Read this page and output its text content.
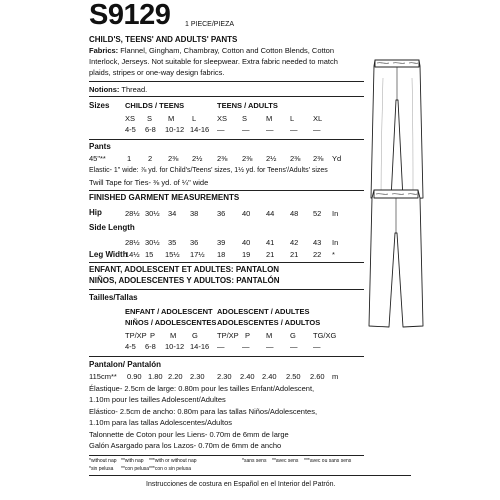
S9129 1 PIECE/PIEZA
CHILD'S, TEENS' AND ADULTS' PANTS
Fabrics: Flannel, Gingham, Chambray, Cotton and Cotton Blends, Cotton
Interlock, Jerseys. Not suitable for sleepwear. Extra fabric needed to match
plaids, stripes or one-way design fabrics.
Notions: Thread.
Sizes CHILDS / TEENS	TEENS / ADULTS
XS S M L	XS S	M L	XL
4-5 6-8 10-12 14-16 — — — — —
Pants
45"**	1 2 2⅜ 2½ 2⅜ 2⅜ 2½ 2⅜ 2⅜ Yd
Elastic- 1" wide: ⅞ yd. for Child's/Teens' sizes, 1½ yd. for Teens'/Adults' sizes
Twill Tape for Ties- ⅜ yd. of ¼" wide
FINISHED GARMENT MEASUREMENTS
Hip	28½ 30½ 34 38 36 40 44 48 52 In
Side Length
28½ 30½ 35 36 39 40 41 42 43 In
Leg Width
14½ 15 15½ 17½ 18 19 21 21 22 *
ENFANT, ADOLESCENT ET ADULTES: PANTALON
NIÑOS, ADOLESCENTES Y ADULTOS: PANTALÓN
Tailles/Tallas
ENFANT / ADOLESCENT
NIÑOS / ADOLESCENTES
ADOLESCENT / ADULTES
ADOLESCENTES / ADULTOS
TP/XP P M G	TP/XP P M G TG/XG
4-5 6-8 10-12 14-16 — — — — —
Pantalon/ Pantalón
115cm** 0.90 1.80 2.20 2.30 2.30 2.40 2.40 2.50 2.60 m
Élastique- 2.5cm de large: 0.80m pour les tailles Enfant/Adolescent,
1.10m pour les tailles Adolescent/Adultes
Elástico- 2.5cm de ancho: 0.80m para las tallas Niños/Adolescentes,
1.10m para las tallas Adolescentes/Adultos
Talonnette de Coton pour les Liens- 0.70m de 6mm de large
Galón Asargado para los Lazos- 0.70m de 6mm de ancho
*without nap **with nap ***with or without nap	*sans sens **avec sens ***avec ou sans sens
*sin pelusa **con pelusa ***con o sin pelusa
Instrucciones de costura en Español en el Interior del Patrón.
